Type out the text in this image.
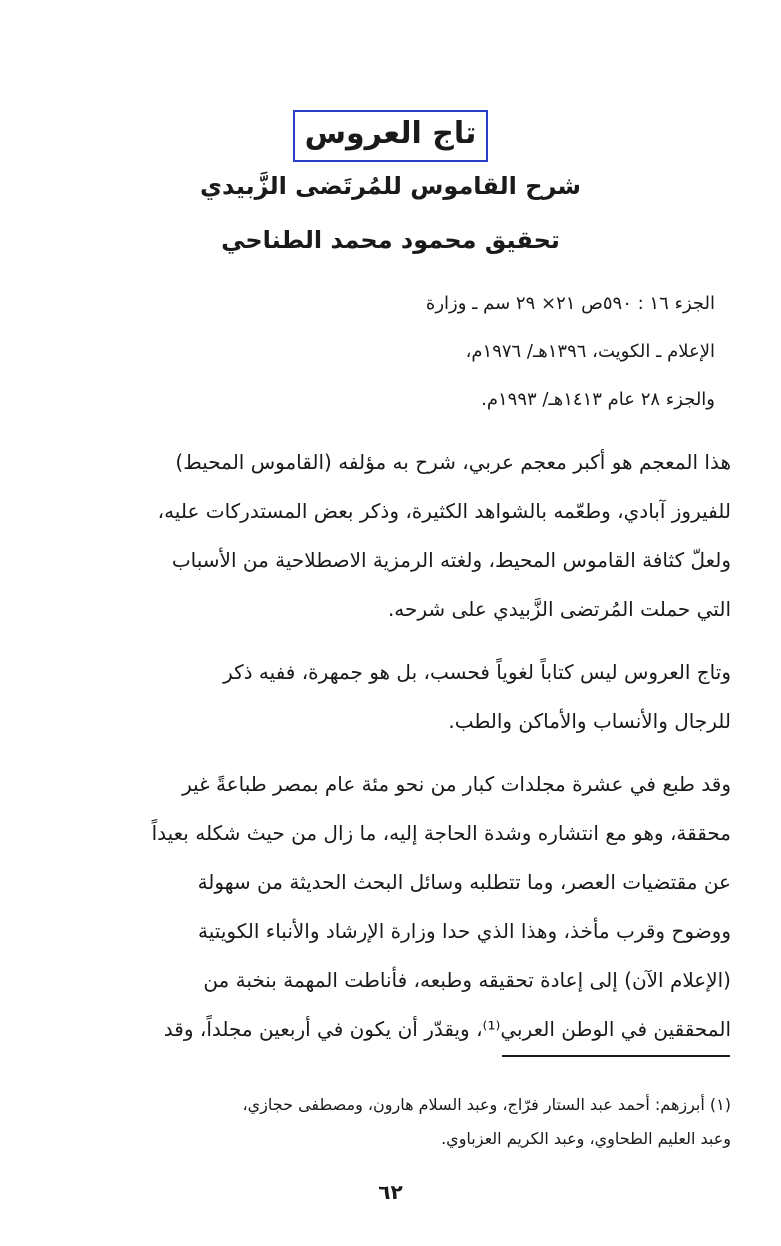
تاج العروس
شرح القاموس للمُرتَضى الزَّبيدي
تحقيق محمود محمد الطناحي
الجزء ١٦ : ٥٩٠ص ٢١× ٢٩ سم ـ وزارة
الإعلام ـ الكويت، ١٣٩٦هـ/ ١٩٧٦م،
والجزء ٢٨ عام ١٤١٣هـ/ ١٩٩٣م.
هذا المعجم هو أكبر معجم عربي، شرح به مؤلفه (القاموس المحيط)
للفيروز آبادي، وطعّمه بالشواهد الكثيرة، وذكر بعض المستدركات عليه،
ولعلّ كثافة القاموس المحيط، ولغته الرمزية الاصطلاحية من الأسباب
التي حملت المُرتضى الزَّبيدي على شرحه.
وتاج العروس ليس كتاباً لغوياً فحسب، بل هو جمهرة، ففيه ذكر
للرجال والأنساب والأماكن والطب.
وقد طبع في عشرة مجلدات كبار من نحو مئة عام بمصر طباعةً غير
محققة، وهو مع انتشاره وشدة الحاجة إليه، ما زال من حيث شكله بعيداً
عن مقتضيات العصر، وما تتطلبه وسائل البحث الحديثة من سهولة
ووضوح وقرب مأخذ، وهذا الذي حدا وزارة الإرشاد والأنباء الكويتية
(الإعلام الآن) إلى إعادة تحقيقه وطبعه، فأناطت المهمة بنخبة من
المحققين في الوطن العربي⁽¹⁾، ويقدّر أن يكون في أربعين مجلداً، وقد
(١) أبرزهم: أحمد عبد الستار فرّاج، وعبد السلام هارون، ومصطفى حجازي،
وعبد العليم الطحاوي، وعبد الكريم العزباوي.
٦٢
